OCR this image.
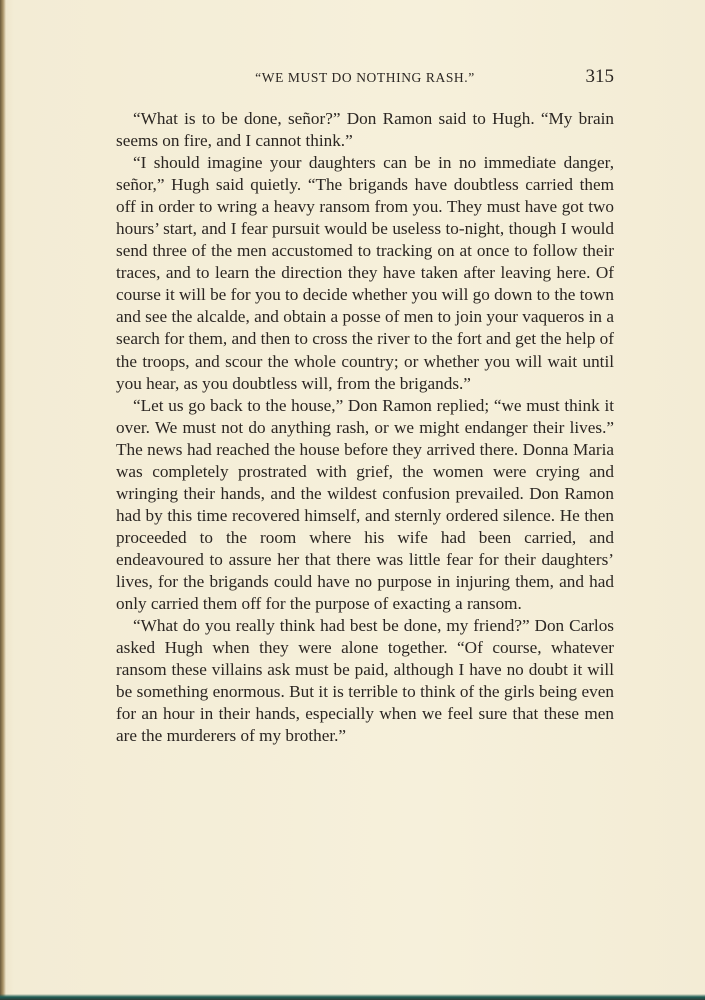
“WE MUST DO NOTHING RASH.”	315

“What is to be done, señor?” Don Ramon said to Hugh. “My brain seems on fire, and I cannot think.”

“I should imagine your daughters can be in no immediate danger, señor,” Hugh said quietly. “The brigands have doubtless carried them off in order to wring a heavy ransom from you. They must have got two hours’ start, and I fear pursuit would be useless to-night, though I would send three of the men accustomed to tracking on at once to follow their traces, and to learn the direction they have taken after leaving here. Of course it will be for you to decide whether you will go down to the town and see the alcalde, and obtain a posse of men to join your vaqueros in a search for them, and then to cross the river to the fort and get the help of the troops, and scour the whole country; or whether you will wait until you hear, as you doubtless will, from the brigands.”

“Let us go back to the house,” Don Ramon replied; “we must think it over. We must not do anything rash, or we might endanger their lives.” The news had reached the house before they arrived there. Donna Maria was completely prostrated with grief, the women were crying and wringing their hands, and the wildest confusion prevailed. Don Ramon had by this time recovered himself, and sternly ordered silence. He then proceeded to the room where his wife had been carried, and endeavoured to assure her that there was little fear for their daughters’ lives, for the brigands could have no purpose in injuring them, and had only carried them off for the purpose of exacting a ransom.

“What do you really think had best be done, my friend?” Don Carlos asked Hugh when they were alone together. “Of course, whatever ransom these villains ask must be paid, although I have no doubt it will be something enormous. But it is terrible to think of the girls being even for an hour in their hands, especially when we feel sure that these men are the murderers of my brother.”
